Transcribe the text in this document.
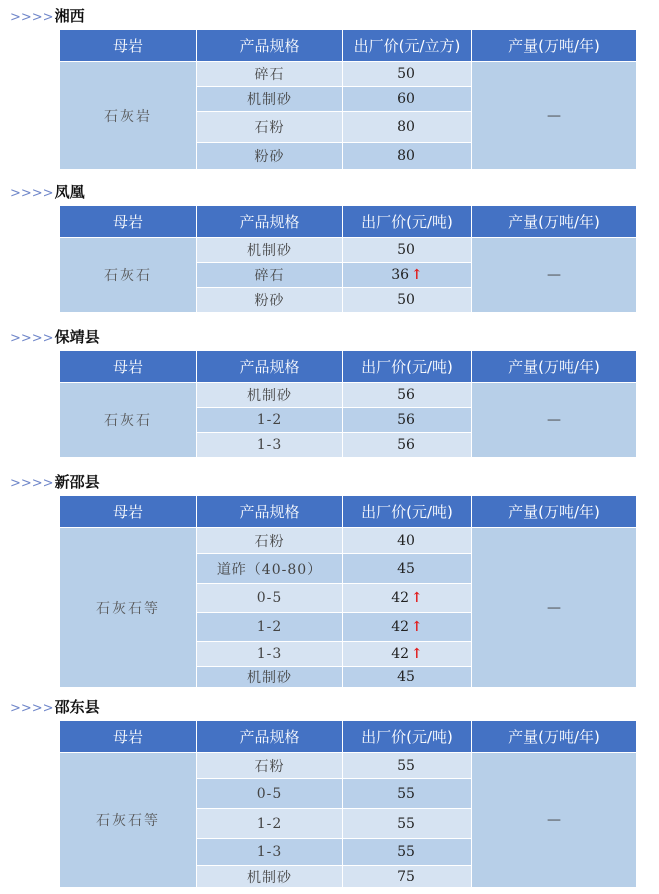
>>>>湘西
母岩	产品规格	出厂价(元/立方)	产量(万吨/年)
石灰岩	碎石	50	—
	机制砂	60	
	石粉	80	
	粉砂	80	
>>>>凤凰
母岩	产品规格	出厂价(元/吨)	产量(万吨/年)
石灰石	机制砂	50	—
	碎石	36 ↑	
	粉砂	50	
>>>>保靖县
母岩	产品规格	出厂价(元/吨)	产量(万吨/年)
石灰石	机制砂	56	—
	1-2	56	
	1-3	56	
>>>>新邵县
母岩	产品规格	出厂价(元/吨)	产量(万吨/年)
石灰石等	石粉	40	—
	道砟（40-80）	45	
	0-5	42 ↑	
	1-2	42 ↑	
	1-3	42 ↑	
	机制砂	45	
>>>>邵东县
母岩	产品规格	出厂价(元/吨)	产量(万吨/年)
石灰石等	石粉	55	—
	0-5	55	
	1-2	55	
	1-3	55	
	机制砂	75	
